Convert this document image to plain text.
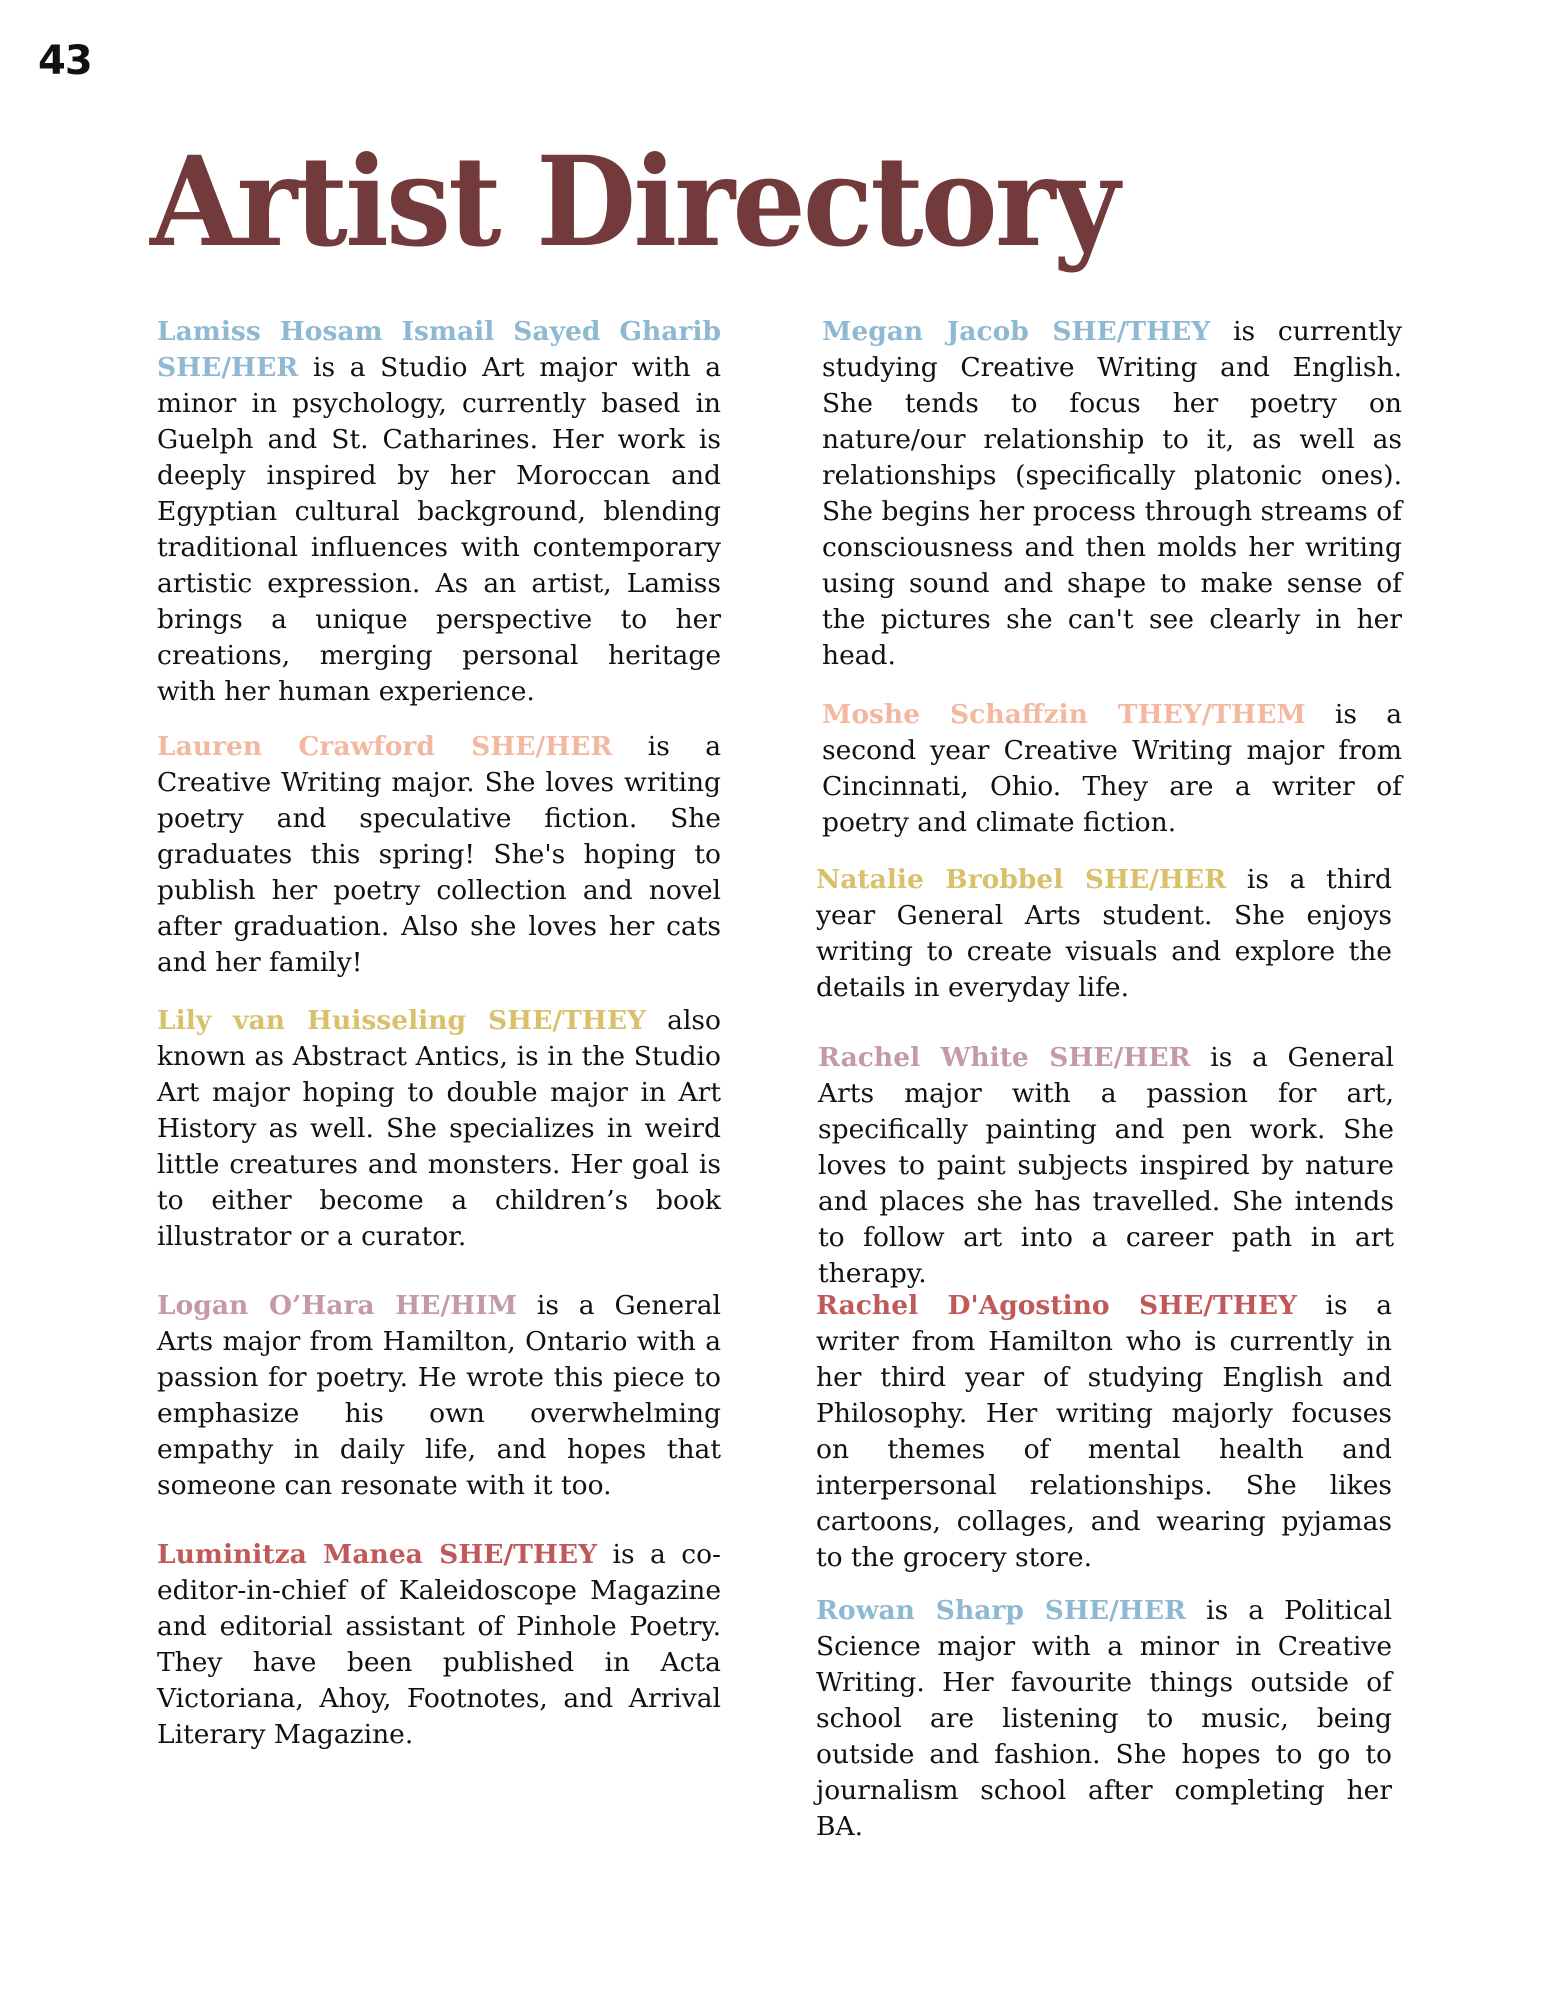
43
Artist Directory

Lamiss Hosam Ismail Sayed Gharib SHE/HER is a Studio Art major with a minor in psychology, currently based in Guelph and St. Catharines. Her work is deeply inspired by her Moroccan and Egyptian cultural background, blending traditional influences with contemporary artistic expression. As an artist, Lamiss brings a unique perspective to her creations, merging personal heritage with her human experience.

Lauren Crawford SHE/HER is a Creative Writing major. She loves writing poetry and speculative fiction. She graduates this spring! She's hoping to publish her poetry collection and novel after graduation. Also she loves her cats and her family!

Lily van Huisseling SHE/THEY also known as Abstract Antics, is in the Studio Art major hoping to double major in Art History as well. She specializes in weird little creatures and monsters. Her goal is to either become a children’s book illustrator or a curator.

Logan O’Hara HE/HIM is a General Arts major from Hamilton, Ontario with a passion for poetry. He wrote this piece to emphasize his own overwhelming empathy in daily life, and hopes that someone can resonate with it too.

Luminitza Manea SHE/THEY is a co-editor-in-chief of Kaleidoscope Magazine and editorial assistant of Pinhole Poetry. They have been published in Acta Victoriana, Ahoy, Footnotes, and Arrival Literary Magazine.

Megan Jacob SHE/THEY is currently studying Creative Writing and English. She tends to focus her poetry on nature/our relationship to it, as well as relationships (specifically platonic ones). She begins her process through streams of consciousness and then molds her writing using sound and shape to make sense of the pictures she can't see clearly in her head.

Moshe Schaffzin THEY/THEM is a second year Creative Writing major from Cincinnati, Ohio. They are a writer of poetry and climate fiction.

Natalie Brobbel SHE/HER is a third year General Arts student. She enjoys writing to create visuals and explore the details in everyday life.

Rachel White SHE/HER is a General Arts major with a passion for art, specifically painting and pen work. She loves to paint subjects inspired by nature and places she has travelled. She intends to follow art into a career path in art therapy.

Rachel D'Agostino SHE/THEY is a writer from Hamilton who is currently in her third year of studying English and Philosophy. Her writing majorly focuses on themes of mental health and interpersonal relationships. She likes cartoons, collages, and wearing pyjamas to the grocery store.

Rowan Sharp SHE/HER is a Political Science major with a minor in Creative Writing. Her favourite things outside of school are listening to music, being outside and fashion. She hopes to go to journalism school after completing her BA.
